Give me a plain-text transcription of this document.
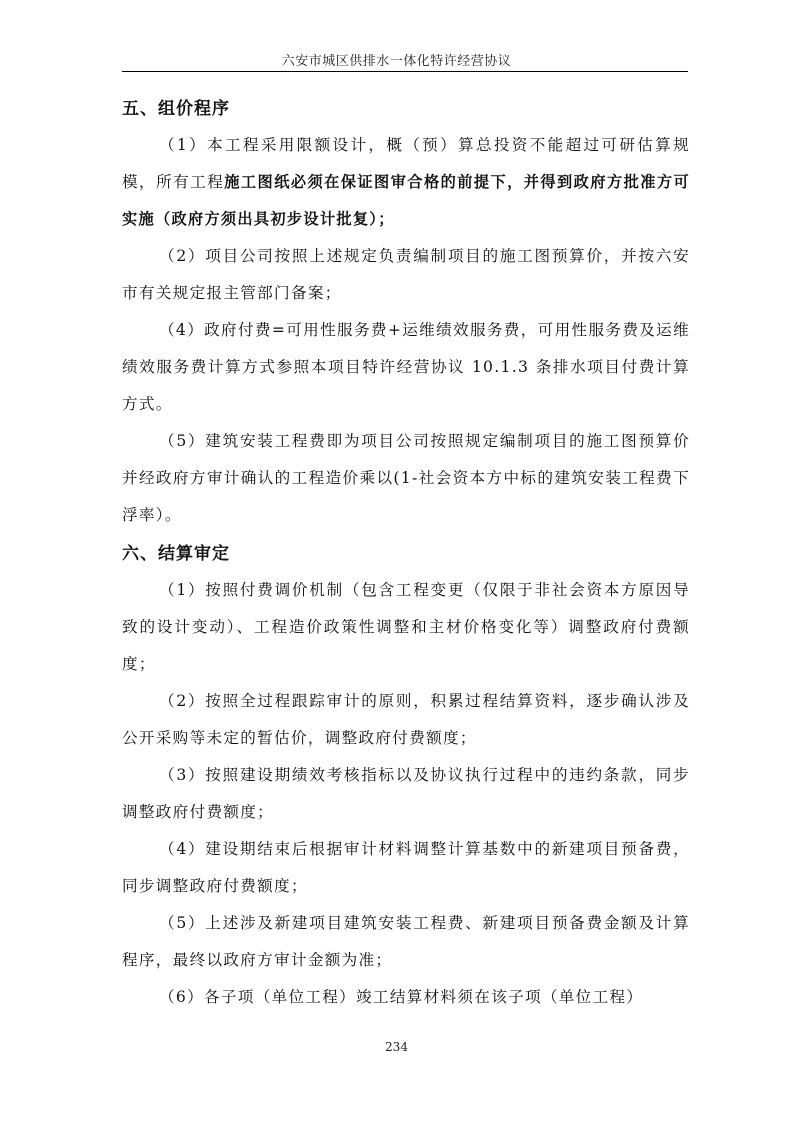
六安市城区供排水一体化特许经营协议
五、组价程序

（1）本工程采用限额设计，概（预）算总投资不能超过可研估算规模，所有工程施工图纸必须在保证图审合格的前提下，并得到政府方批准方可实施（政府方须出具初步设计批复）；

（2）项目公司按照上述规定负责编制项目的施工图预算价，并按六安市有关规定报主管部门备案；

（4）政府付费=可用性服务费+运维绩效服务费，可用性服务费及运维绩效服务费计算方式参照本项目特许经营协议 10.1.3 条排水项目付费计算方式。

（5）建筑安装工程费即为项目公司按照规定编制项目的施工图预算价并经政府方审计确认的工程造价乘以(1-社会资本方中标的建筑安装工程费下浮率）。

六、结算审定

（1）按照付费调价机制（包含工程变更（仅限于非社会资本方原因导致的设计变动）、工程造价政策性调整和主材价格变化等）调整政府付费额度；

（2）按照全过程跟踪审计的原则，积累过程结算资料，逐步确认涉及公开采购等未定的暂估价，调整政府付费额度；

（3）按照建设期绩效考核指标以及协议执行过程中的违约条款，同步调整政府付费额度；

（4）建设期结束后根据审计材料调整计算基数中的新建项目预备费，同步调整政府付费额度；

（5）上述涉及新建项目建筑安装工程费、新建项目预备费金额及计算程序，最终以政府方审计金额为准；

（6）各子项（单位工程）竣工结算材料须在该子项（单位工程）

234
